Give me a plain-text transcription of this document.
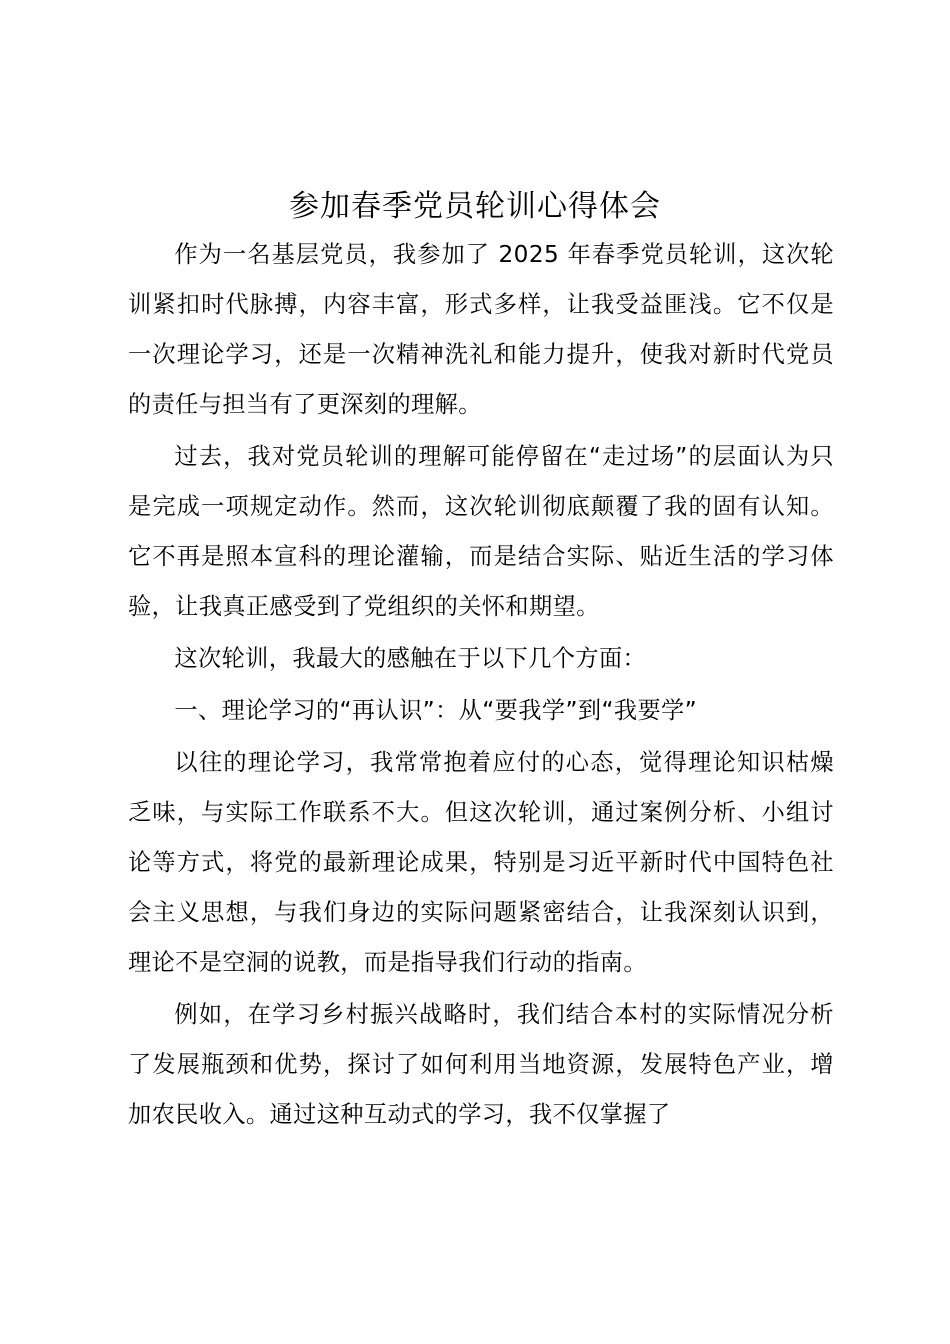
参加春季党员轮训心得体会

作为一名基层党员，我参加了 2025 年春季党员轮训，这次轮训紧扣时代脉搏，内容丰富，形式多样，让我受益匪浅。它不仅是一次理论学习，还是一次精神洗礼和能力提升，使我对新时代党员的责任与担当有了更深刻的理解。

过去，我对党员轮训的理解可能停留在“走过场”的层面认为只是完成一项规定动作。然而，这次轮训彻底颠覆了我的固有认知。它不再是照本宣科的理论灌输，而是结合实际、贴近生活的学习体验，让我真正感受到了党组织的关怀和期望。

这次轮训，我最大的感触在于以下几个方面：

一、理论学习的“再认识”：从“要我学”到“我要学”

以往的理论学习，我常常抱着应付的心态，觉得理论知识枯燥乏味，与实际工作联系不大。但这次轮训，通过案例分析、小组讨论等方式，将党的最新理论成果，特别是习近平新时代中国特色社会主义思想，与我们身边的实际问题紧密结合，让我深刻认识到，理论不是空洞的说教，而是指导我们行动的指南。

例如，在学习乡村振兴战略时，我们结合本村的实际情况分析了发展瓶颈和优势，探讨了如何利用当地资源，发展特色产业，增加农民收入。通过这种互动式的学习，我不仅掌握了
